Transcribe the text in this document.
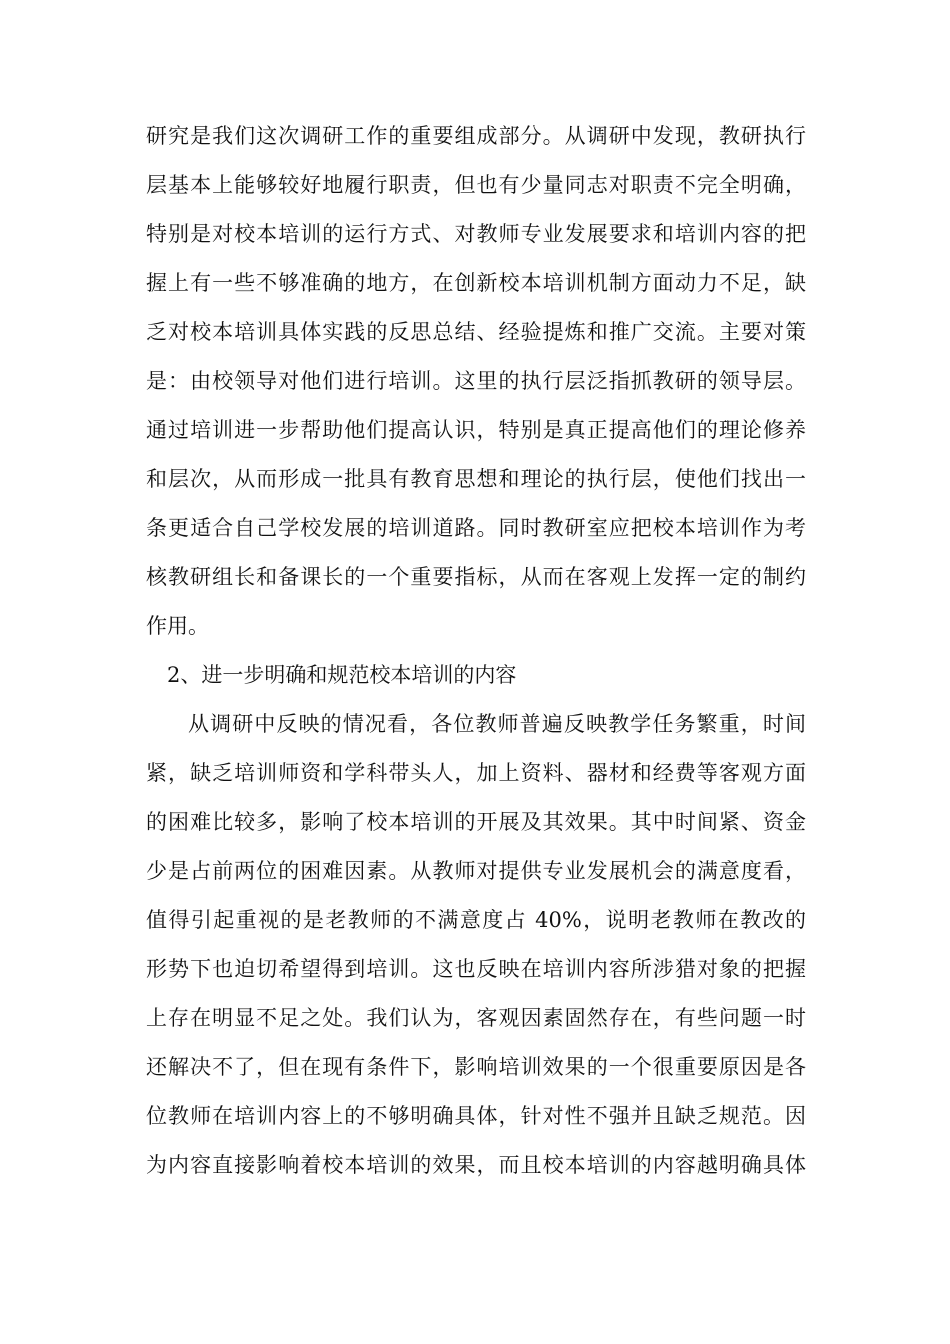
研究是我们这次调研工作的重要组成部分。从调研中发现，教研执行
层基本上能够较好地履行职责，但也有少量同志对职责不完全明确，
特别是对校本培训的运行方式、对教师专业发展要求和培训内容的把
握上有一些不够准确的地方，在创新校本培训机制方面动力不足，缺
乏对校本培训具体实践的反思总结、经验提炼和推广交流。主要对策
是：由校领导对他们进行培训。这里的执行层泛指抓教研的领导层。
通过培训进一步帮助他们提高认识，特别是真正提高他们的理论修养
和层次，从而形成一批具有教育思想和理论的执行层，使他们找出一
条更适合自己学校发展的培训道路。同时教研室应把校本培训作为考
核教研组长和备课长的一个重要指标，从而在客观上发挥一定的制约
作用。
2、进一步明确和规范校本培训的内容
从调研中反映的情况看，各位教师普遍反映教学任务繁重，时间
紧，缺乏培训师资和学科带头人，加上资料、器材和经费等客观方面
的困难比较多，影响了校本培训的开展及其效果。其中时间紧、资金
少是占前两位的困难因素。从教师对提供专业发展机会的满意度看，
值得引起重视的是老教师的不满意度占 40%，说明老教师在教改的
形势下也迫切希望得到培训。这也反映在培训内容所涉猎对象的把握
上存在明显不足之处。我们认为，客观因素固然存在，有些问题一时
还解决不了，但在现有条件下，影响培训效果的一个很重要原因是各
位教师在培训内容上的不够明确具体，针对性不强并且缺乏规范。因
为内容直接影响着校本培训的效果，而且校本培训的内容越明确具体
